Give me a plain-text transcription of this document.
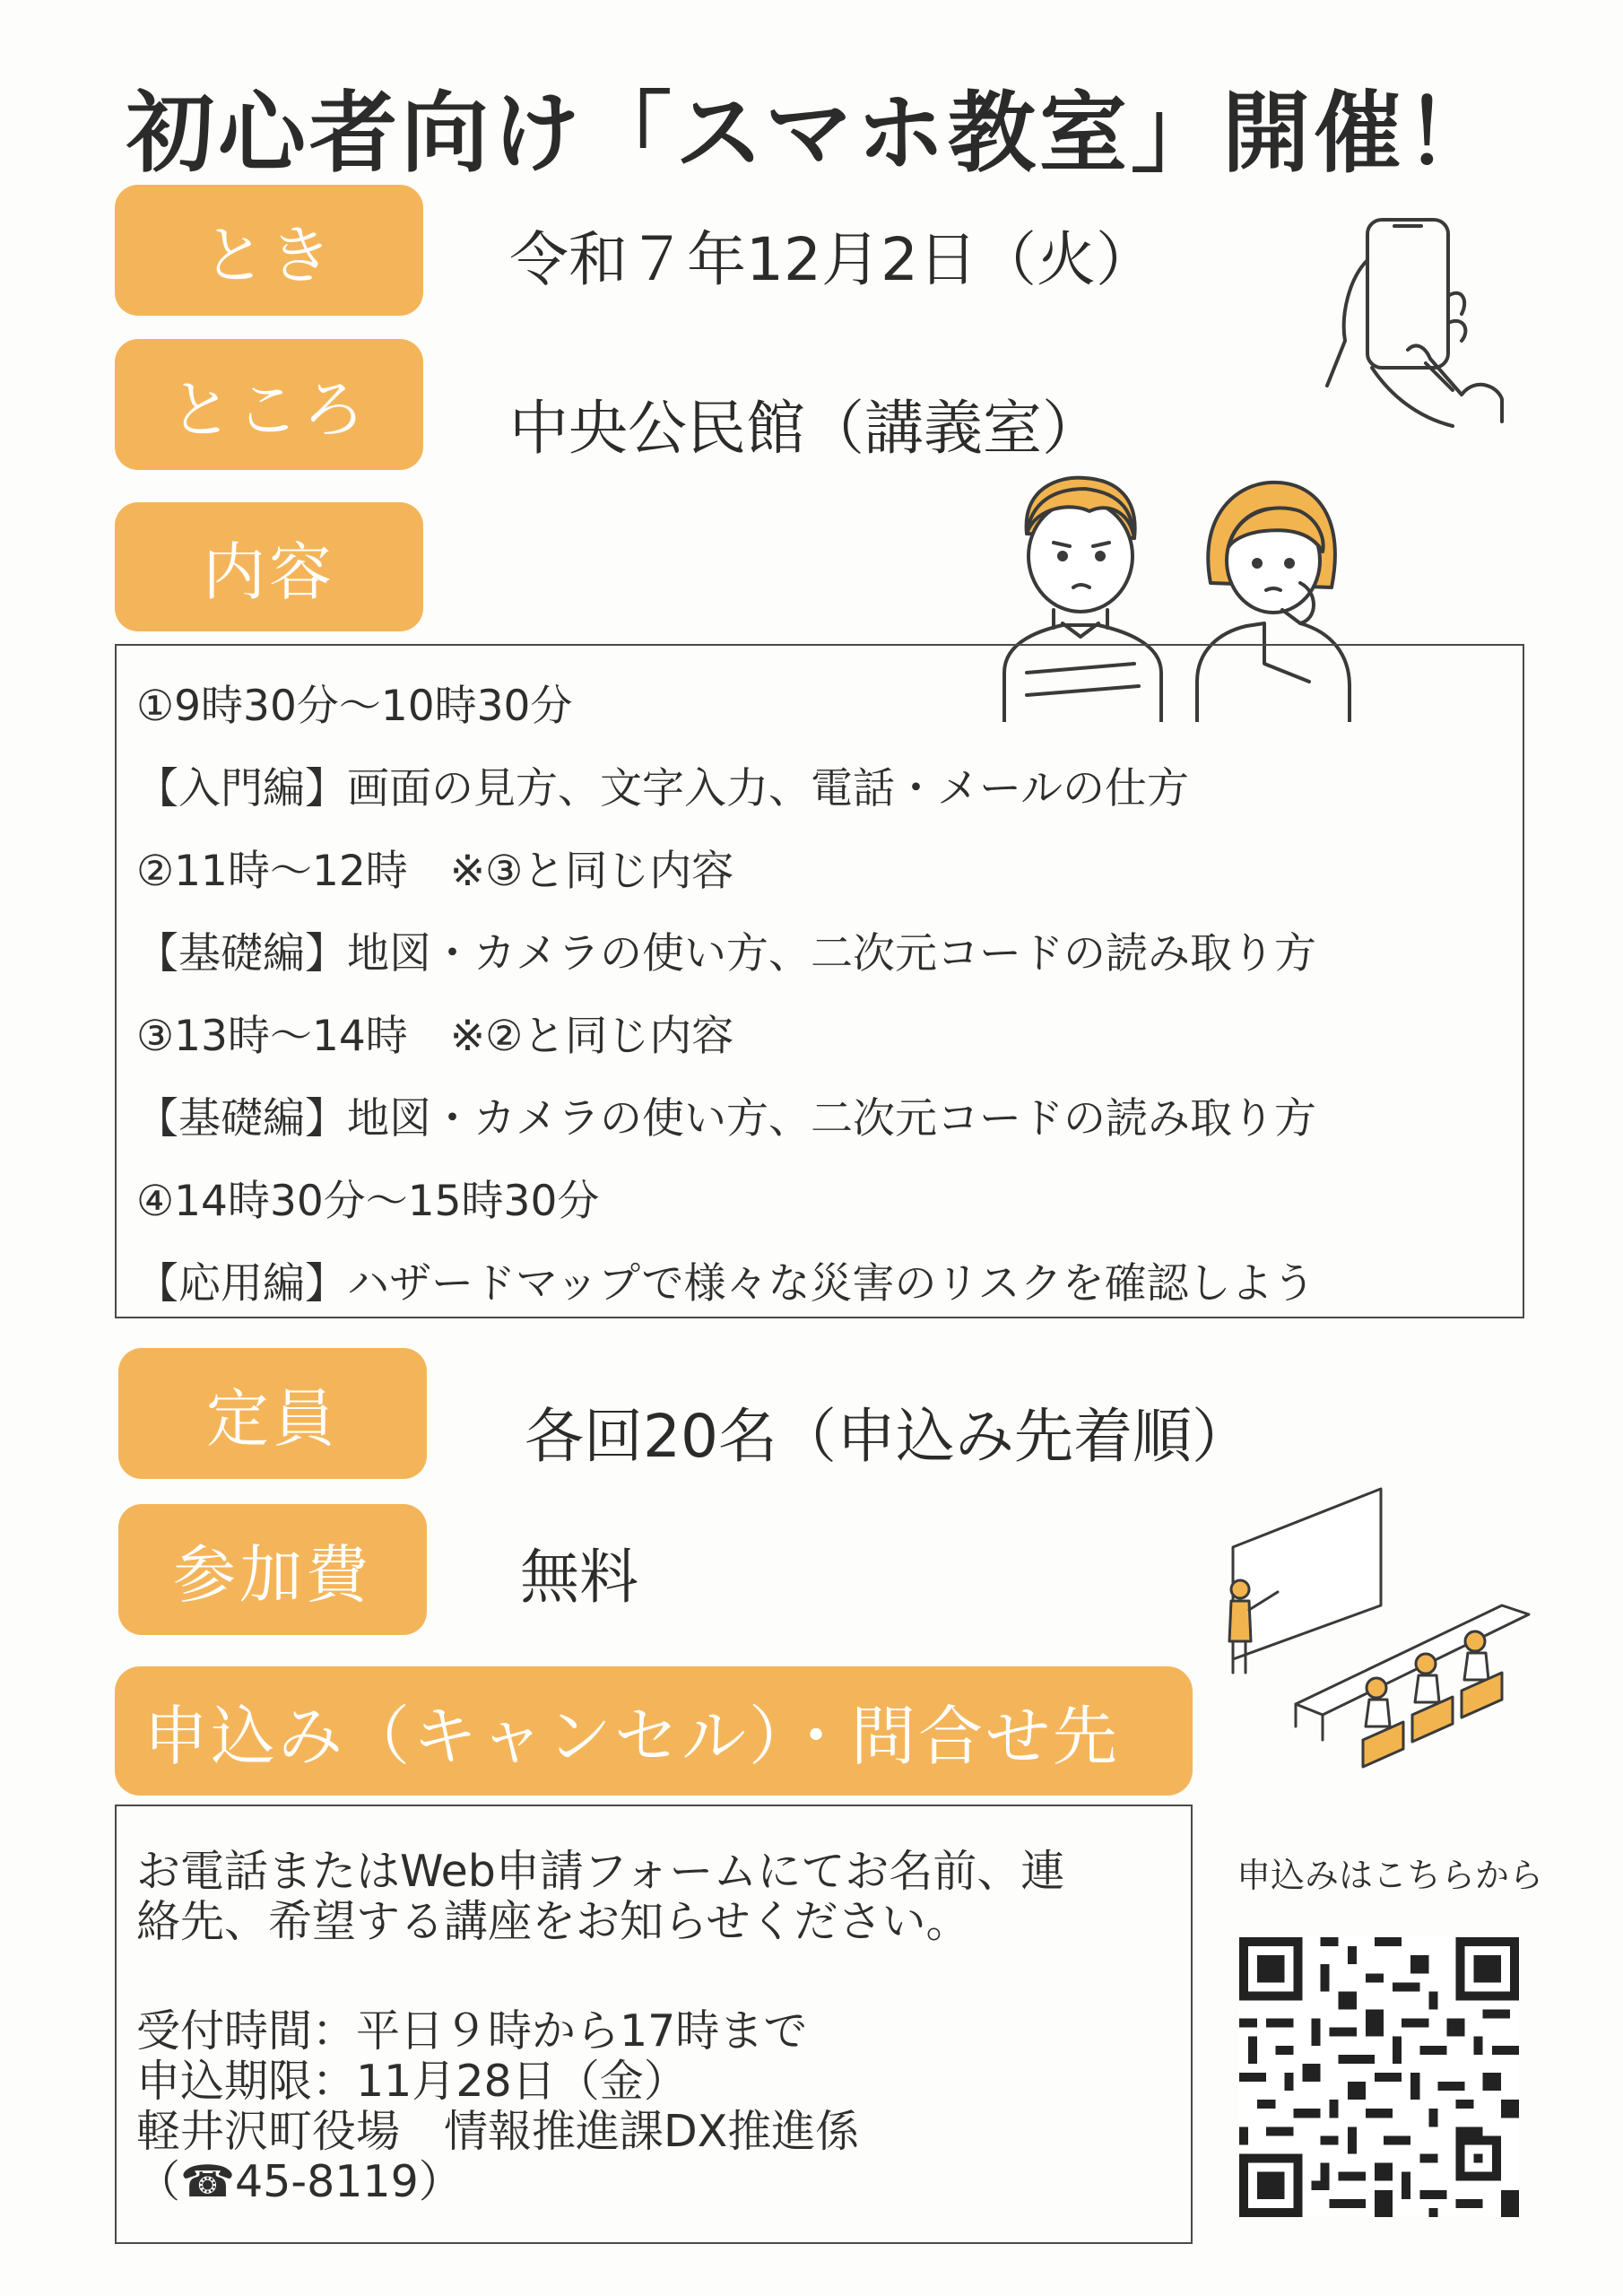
初心者向け「スマホ教室」開催！
とき	令和７年12月2日（火）
ところ	中央公民館（講義室）
内容
①9時30分～10時30分
【入門編】画面の見方、文字入力、電話・メールの仕方
②11時～12時　※③と同じ内容
【基礎編】地図・カメラの使い方、二次元コードの読み取り方
③13時～14時　※②と同じ内容
【基礎編】地図・カメラの使い方、二次元コードの読み取り方
④14時30分～15時30分
【応用編】ハザードマップで様々な災害のリスクを確認しよう
定員	各回20名（申込み先着順）
参加費	無料
申込み（キャンセル）・問合せ先
お電話またはWeb申請フォームにてお名前、連
絡先、希望する講座をお知らせください。
受付時間：平日９時から17時まで
申込期限：11月28日（金）
軽井沢町役場　情報推進課DX推進係
（☎45-8119）
申込みはこちらから
